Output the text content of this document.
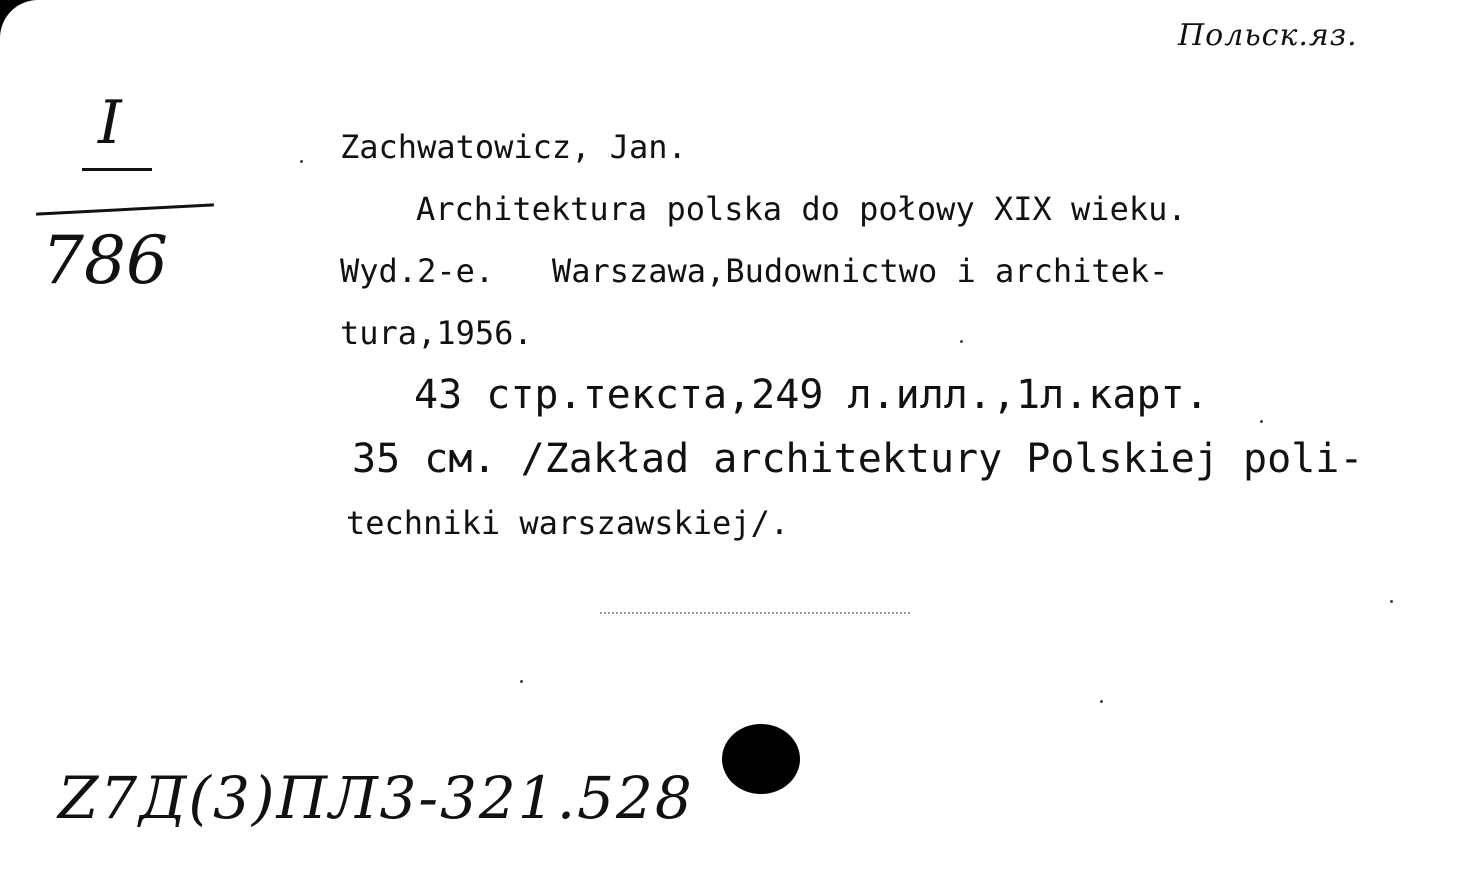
Польск.яз.
I
786
Zachwatowicz, Jan.
Architektura polska do połowy XIX wieku.
Wyd.2-e.   Warszawa,Budownictwo i architek-
tura,1956.
43 стр.текста,249 л.илл.,1л.карт.
35 см. /Zakład architektury Polskiej poli-
techniki warszawskiej/.
Z7Д(3)ПЛ3-321.528
